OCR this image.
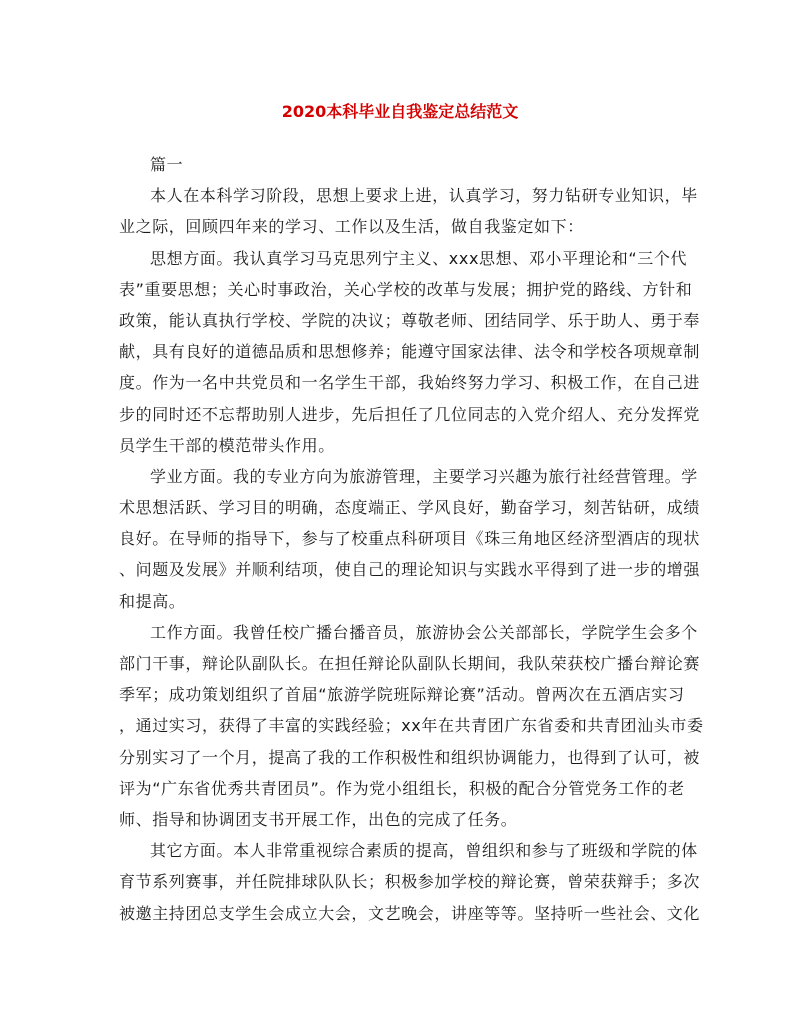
2020本科毕业自我鉴定总结范文
篇一
本人在本科学习阶段，思想上要求上进，认真学习，努力钻研专业知识，毕
业之际，回顾四年来的学习、工作以及生活，做自我鉴定如下：
思想方面。我认真学习马克思列宁主义、xxx思想、邓小平理论和“三个代
表”重要思想；关心时事政治，关心学校的改革与发展；拥护党的路线、方针和
政策，能认真执行学校、学院的决议；尊敬老师、团结同学、乐于助人、勇于奉
献，具有良好的道德品质和思想修养；能遵守国家法律、法令和学校各项规章制
度。作为一名中共党员和一名学生干部，我始终努力学习、积极工作，在自己进
步的同时还不忘帮助别人进步，先后担任了几位同志的入党介绍人、充分发挥党
员学生干部的模范带头作用。
学业方面。我的专业方向为旅游管理，主要学习兴趣为旅行社经营管理。学
术思想活跃、学习目的明确，态度端正、学风良好，勤奋学习，刻苦钻研，成绩
良好。在导师的指导下，参与了校重点科研项目《珠三角地区经济型酒店的现状
、问题及发展》并顺利结项，使自己的理论知识与实践水平得到了进一步的增强
和提高。
工作方面。我曾任校广播台播音员，旅游协会公关部部长，学院学生会多个
部门干事，辩论队副队长。在担任辩论队副队长期间，我队荣获校广播台辩论赛
季军；成功策划组织了首届“旅游学院班际辩论赛”活动。曾两次在五酒店实习
，通过实习，获得了丰富的实践经验；xx年在共青团广东省委和共青团汕头市委
分别实习了一个月，提高了我的工作积极性和组织协调能力，也得到了认可，被
评为“广东省优秀共青团员”。作为党小组组长，积极的配合分管党务工作的老
师、指导和协调团支书开展工作，出色的完成了任务。
其它方面。本人非常重视综合素质的提高，曾组织和参与了班级和学院的体
育节系列赛事，并任院排球队队长；积极参加学校的辩论赛，曾荣获辩手；多次
被邀主持团总支学生会成立大会，文艺晚会，讲座等等。坚持听一些社会、文化
